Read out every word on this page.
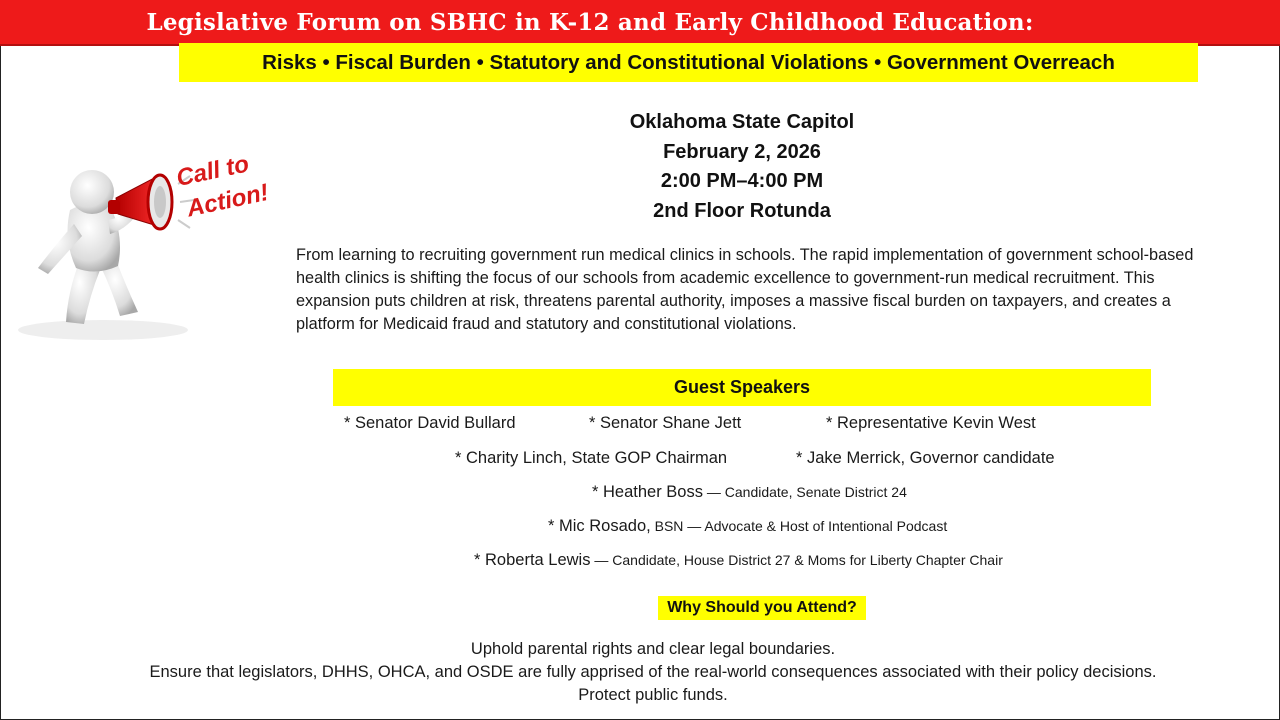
Legislative Forum on SBHC in K-12 and Early Childhood Education:
Risks • Fiscal Burden • Statutory and Constitutional Violations • Government Overreach
Oklahoma State Capitol
February 2, 2026
2:00 PM–4:00 PM
2nd Floor Rotunda
Call to
Action!
From learning to recruiting government run medical clinics in schools. The rapid implementation of government school-based health clinics is shifting the focus of our schools from academic excellence to government-run medical recruitment. This expansion puts children at risk, threatens parental authority, imposes a massive fiscal burden on taxpayers, and creates a platform for Medicaid fraud and statutory and constitutional violations.
Guest Speakers
* Senator David Bullard	* Senator Shane Jett	* Representative Kevin West
* Charity Linch, State GOP Chairman	* Jake Merrick, Governor candidate
* Heather Boss — Candidate, Senate District 24
* Mic Rosado, BSN — Advocate & Host of Intentional Podcast
* Roberta Lewis — Candidate, House District 27 & Moms for Liberty Chapter Chair
Why Should you Attend?
Uphold parental rights and clear legal boundaries.
Ensure that legislators, DHHS, OHCA, and OSDE are fully apprised of the real-world consequences associated with their policy decisions.
Protect public funds.
